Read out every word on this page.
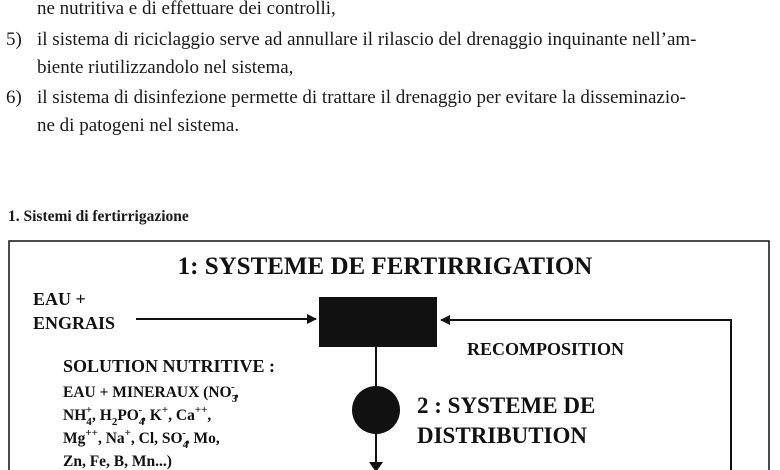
ne nutritiva e di effettuare dei controlli,
5) il sistema di riciclaggio serve ad annullare il rilascio del drenaggio inquinante nell’am-
biente riutilizzandolo nel sistema,
6) il sistema di disinfezione permette di trattare il drenaggio per evitare la disseminazio-
ne di patogeni nel sistema.
1. Sistemi di fertirrigazione
1: SYSTEME DE FERTIRRIGATION
EAU +
ENGRAIS
RECOMPOSITION
SOLUTION NUTRITIVE :
EAU + MINERAUX ($NO_3-$,
$NH_4+$, $H_2PO_4-$, K+, Ca++,
Mg++, Na+, Cl, $SO_4-$, Mo,
Zn, Fe, B, Mn...)
2 : SYSTEME DE
DISTRIBUTION
